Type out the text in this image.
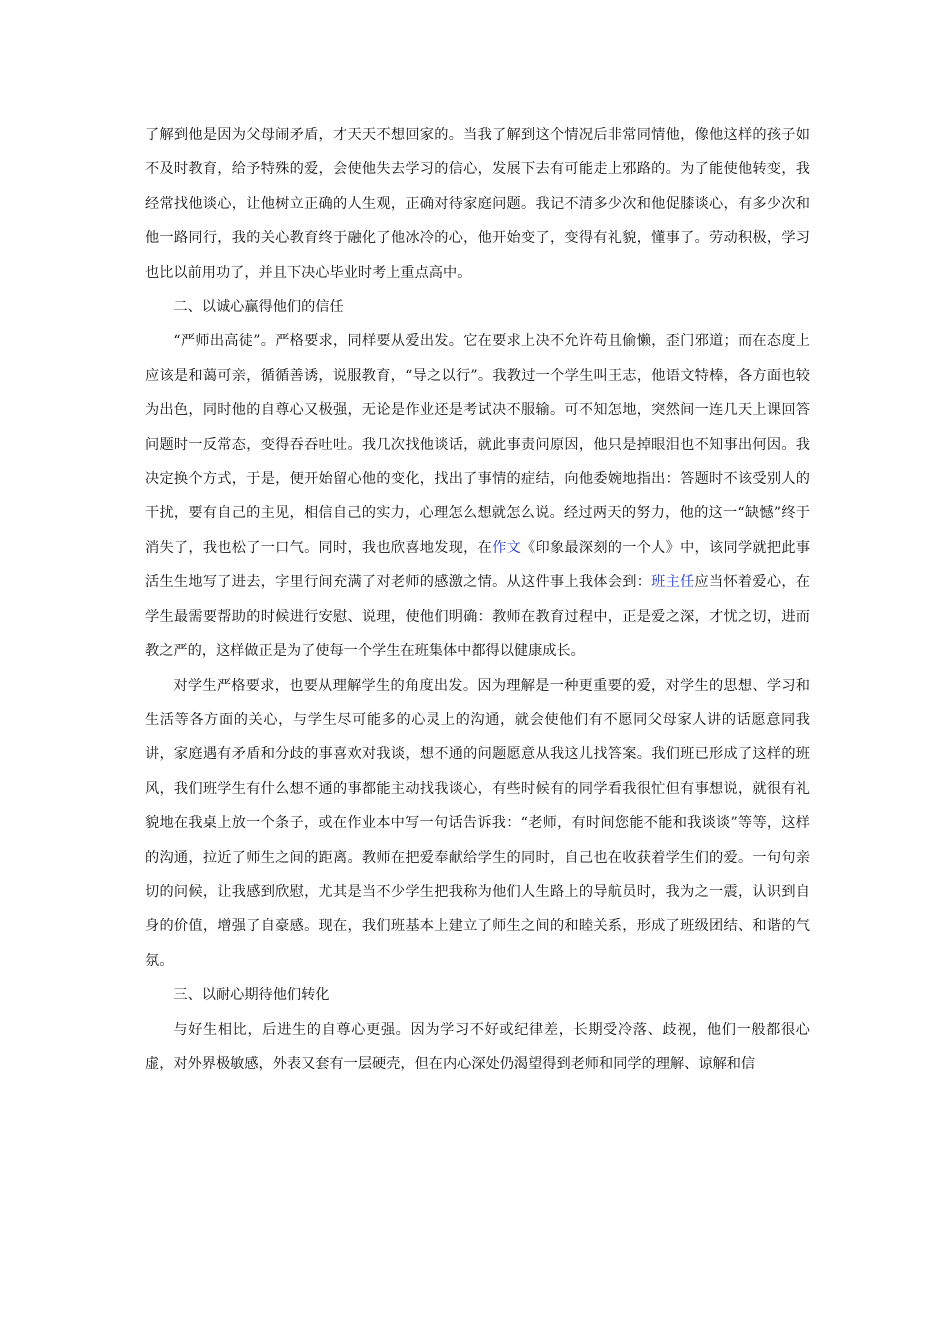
了解到他是因为父母闹矛盾，才天天不想回家的。当我了解到这个情况后非常同情他，像他这样的孩子如不及时教育，给予特殊的爱，会使他失去学习的信心，发展下去有可能走上邪路的。为了能使他转变，我经常找他谈心，让他树立正确的人生观，正确对待家庭问题。我记不清多少次和他促膝谈心，有多少次和他一路同行，我的关心教育终于融化了他冰冷的心，他开始变了，变得有礼貌，懂事了。劳动积极，学习也比以前用功了，并且下决心毕业时考上重点高中。

二、以诚心赢得他们的信任

“严师出高徒”。严格要求，同样要从爱出发。它在要求上决不允许苟且偷懒，歪门邪道；而在态度上应该是和蔼可亲，循循善诱，说服教育，“导之以行”。我教过一个学生叫王志，他语文特棒，各方面也较为出色，同时他的自尊心又极强，无论是作业还是考试决不服输。可不知怎地，突然间一连几天上课回答问题时一反常态，变得吞吞吐吐。我几次找他谈话，就此事责问原因，他只是掉眼泪也不知事出何因。我决定换个方式，于是，便开始留心他的变化，找出了事情的症结，向他委婉地指出：答题时不该受别人的干扰，要有自己的主见，相信自己的实力，心理怎么想就怎么说。经过两天的努力，他的这一“缺憾”终于消失了，我也松了一口气。同时，我也欣喜地发现，在作文《印象最深刻的一个人》中，该同学就把此事活生生地写了进去，字里行间充满了对老师的感激之情。从这件事上我体会到：班主任应当怀着爱心，在学生最需要帮助的时候进行安慰、说理，使他们明确：教师在教育过程中，正是爱之深，才忧之切，进而教之严的，这样做正是为了使每一个学生在班集体中都得以健康成长。

对学生严格要求，也要从理解学生的角度出发。因为理解是一种更重要的爱，对学生的思想、学习和生活等各方面的关心，与学生尽可能多的心灵上的沟通，就会使他们有不愿同父母家人讲的话愿意同我讲，家庭遇有矛盾和分歧的事喜欢对我谈，想不通的问题愿意从我这儿找答案。我们班已形成了这样的班风，我们班学生有什么想不通的事都能主动找我谈心，有些时候有的同学看我很忙但有事想说，就很有礼貌地在我桌上放一个条子，或在作业本中写一句话告诉我：“老师，有时间您能不能和我谈谈”等等，这样的沟通，拉近了师生之间的距离。教师在把爱奉献给学生的同时，自己也在收获着学生们的爱。一句句亲切的问候，让我感到欣慰，尤其是当不少学生把我称为他们人生路上的导航员时，我为之一震，认识到自身的价值，增强了自豪感。现在，我们班基本上建立了师生之间的和睦关系，形成了班级团结、和谐的气氛。

三、以耐心期待他们转化

与好生相比，后进生的自尊心更强。因为学习不好或纪律差，长期受冷落、歧视，他们一般都很心虚，对外界极敏感，外表又套有一层硬壳，但在内心深处仍渴望得到老师和同学的理解、谅解和信
